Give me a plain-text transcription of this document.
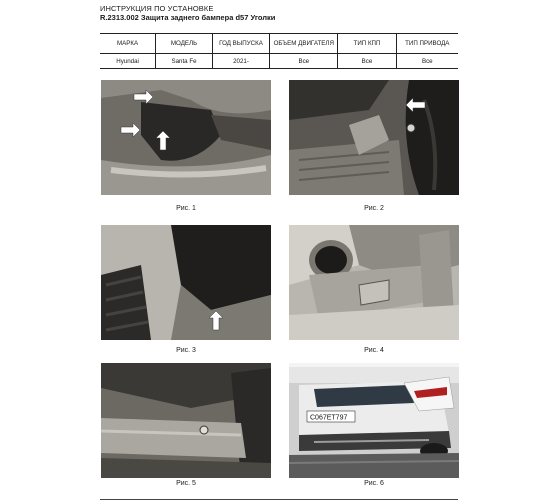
ИНСТРУКЦИЯ ПО УСТАНОВКЕ
R.2313.002 Защита заднего бампера d57 Уголки
МАРКА	МОДЕЛЬ	ГОД ВЫПУСКА	ОБЪЕМ ДВИГАТЕЛЯ	ТИП КПП	ТИП ПРИВОДА
Hyundai	Santa Fe	2021-	Все	Все	Все
Рис. 1	Рис. 2
Рис. 3	Рис. 4
Рис. 5
С067ЕТ797
Рис. 6
